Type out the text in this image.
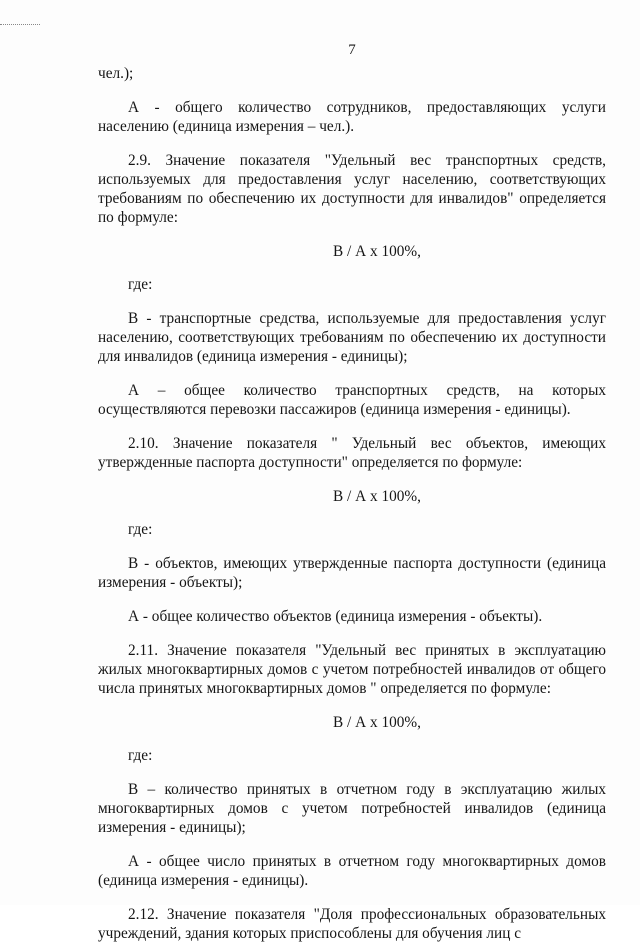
7

чел.);

А - общего количество сотрудников, предоставляющих услуги населению (единица измерения – чел.).

2.9. Значение показателя "Удельный вес транспортных средств, используемых для предоставления услуг населению, соответствующих требованиям по обеспечению их доступности для инвалидов" определяется по формуле:

В / А х 100%,

где:

В - транспортные средства, используемые для предоставления услуг населению, соответствующих требованиям по обеспечению их доступности для инвалидов (единица измерения - единицы);

А – общее количество транспортных средств, на которых осуществляются перевозки пассажиров (единица измерения - единицы).

2.10. Значение показателя " Удельный вес объектов, имеющих утвержденные паспорта доступности" определяется по формуле:

В / А х 100%,

где:

В - объектов, имеющих утвержденные паспорта доступности (единица измерения - объекты);

А - общее количество объектов (единица измерения - объекты).

2.11. Значение показателя "Удельный вес принятых в эксплуатацию жилых многоквартирных домов с учетом потребностей инвалидов от общего числа принятых многоквартирных домов " определяется по формуле:

В / А х 100%,

где:

В – количество принятых в отчетном году в эксплуатацию жилых многоквартирных домов с учетом потребностей инвалидов (единица измерения - единицы);

А - общее число принятых в отчетном году многоквартирных домов (единица измерения - единицы).

2.12. Значение показателя "Доля профессиональных образовательных учреждений, здания которых приспособлены для обучения лиц с
